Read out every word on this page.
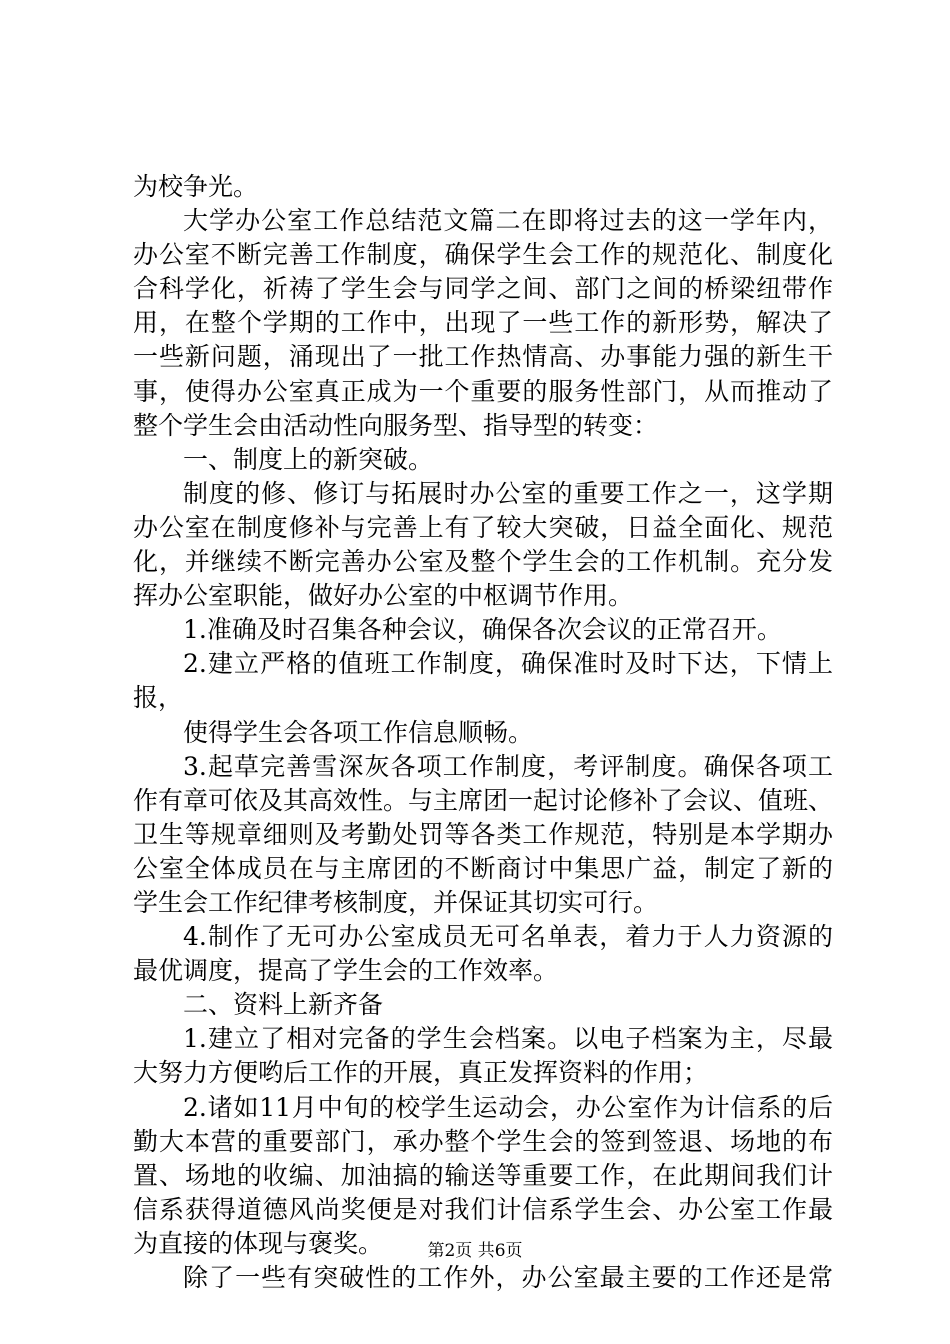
为校争光。
大学办公室工作总结范文篇二在即将过去的这一学年内，
办公室不断完善工作制度，确保学生会工作的规范化、制度化
合科学化，祈祷了学生会与同学之间、部门之间的桥梁纽带作
用，在整个学期的工作中，出现了一些工作的新形势，解决了
一些新问题，涌现出了一批工作热情高、办事能力强的新生干
事，使得办公室真正成为一个重要的服务性部门，从而推动了
整个学生会由活动性向服务型、指导型的转变：
一、制度上的新突破。
制度的修、修订与拓展时办公室的重要工作之一，这学期
办公室在制度修补与完善上有了较大突破，日益全面化、规范
化，并继续不断完善办公室及整个学生会的工作机制。充分发
挥办公室职能，做好办公室的中枢调节作用。
1.准确及时召集各种会议，确保各次会议的正常召开。
2.建立严格的值班工作制度，确保准时及时下达，下情上
报，
使得学生会各项工作信息顺畅。
3.起草完善雪深灰各项工作制度，考评制度。确保各项工
作有章可依及其高效性。与主席团一起讨论修补了会议、值班、
卫生等规章细则及考勤处罚等各类工作规范，特别是本学期办
公室全体成员在与主席团的不断商讨中集思广益，制定了新的
学生会工作纪律考核制度，并保证其切实可行。
4.制作了无可办公室成员无可名单表，着力于人力资源的
最优调度，提高了学生会的工作效率。
二、资料上新齐备
1.建立了相对完备的学生会档案。以电子档案为主，尽最
大努力方便哟后工作的开展，真正发挥资料的作用；
2.诸如11月中旬的校学生运动会，办公室作为计信系的后
勤大本营的重要部门，承办整个学生会的签到签退、场地的布
置、场地的收编、加油搞的输送等重要工作，在此期间我们计
信系获得道德风尚奖便是对我们计信系学生会、办公室工作最
为直接的体现与褒奖。
除了一些有突破性的工作外，办公室最主要的工作还是常
第2页 共6页
